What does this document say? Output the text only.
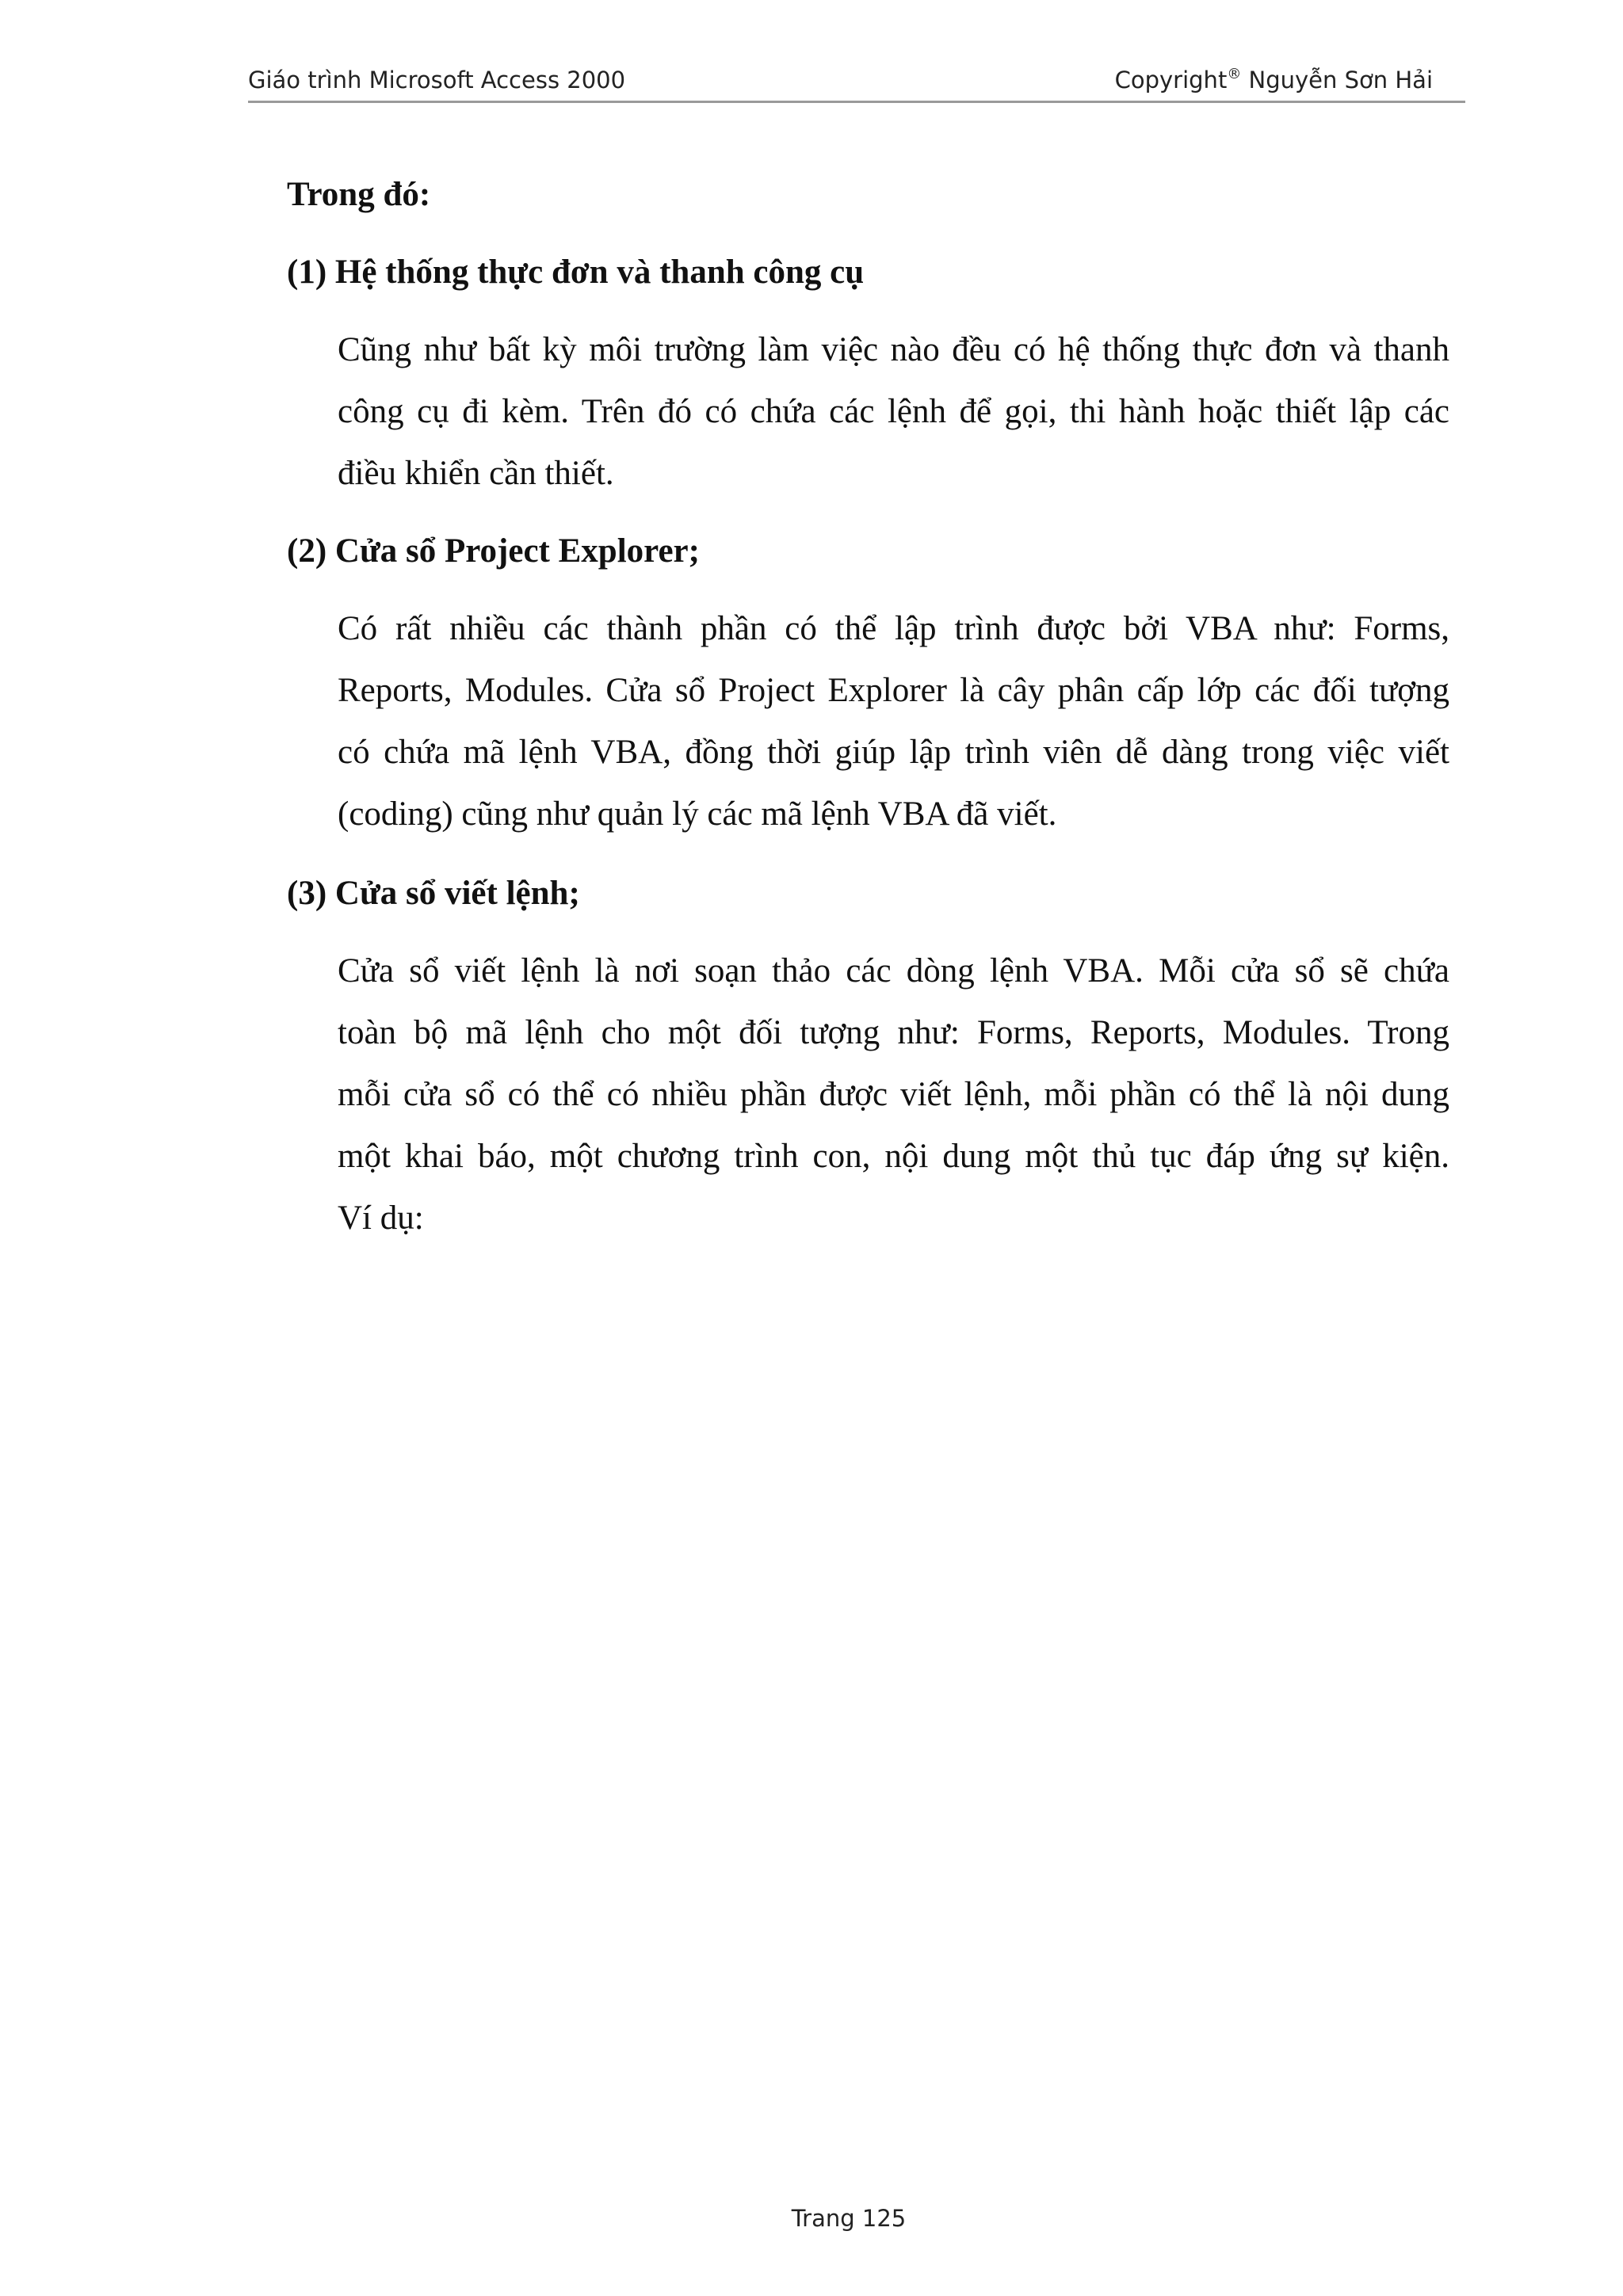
Giáo trình Microsoft Access 2000	Copyright® Nguyễn Sơn Hải
Trong đó:
(1) Hệ thống thực đơn và thanh công cụ
Cũng như bất kỳ môi trường làm việc nào đều có hệ thống thực đơn và thanh
công cụ đi kèm. Trên đó có chứa các lệnh để gọi, thi hành hoặc thiết lập các
điều khiển cần thiết.
(2) Cửa sổ Project Explorer;
Có rất nhiều các thành phần có thể lập trình được bởi VBA như: Forms,
Reports, Modules. Cửa sổ Project Explorer là cây phân cấp lớp các đối tượng
có chứa mã lệnh VBA, đồng thời giúp lập trình viên dễ dàng trong việc viết
(coding) cũng như quản lý các mã lệnh VBA đã viết.
(3) Cửa sổ viết lệnh;
Cửa sổ viết lệnh là nơi soạn thảo các dòng lệnh VBA. Mỗi cửa sổ sẽ chứa
toàn bộ mã lệnh cho một đối tượng như: Forms, Reports, Modules. Trong
mỗi cửa sổ có thể có nhiều phần được viết lệnh, mỗi phần có thể là nội dung
một khai báo, một chương trình con, nội dung một thủ tục đáp ứng sự kiện.
Ví dụ:
Trang 125
